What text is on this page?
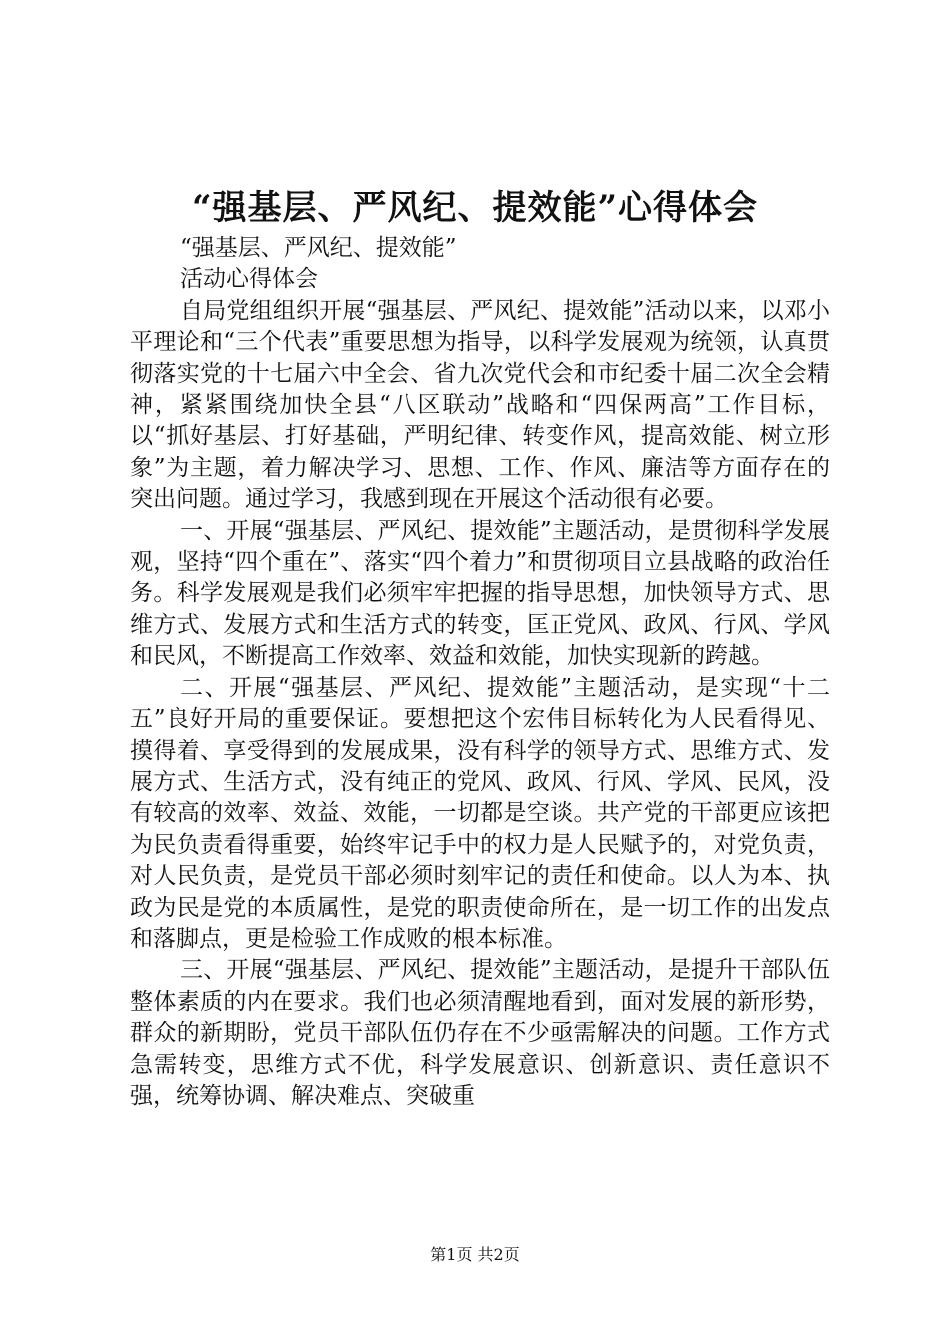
“强基层、严风纪、提效能”心得体会

“强基层、严风纪、提效能”

活动心得体会

自局党组组织开展“强基层、严风纪、提效能”活动以来，以邓小平理论和“三个代表”重要思想为指导，以科学发展观为统领，认真贯彻落实党的十七届六中全会、省九次党代会和市纪委十届二次全会精神，紧紧围绕加快全县“八区联动”战略和“四保两高”工作目标，以“抓好基层、打好基础，严明纪律、转变作风，提高效能、树立形象”为主题，着力解决学习、思想、工作、作风、廉洁等方面存在的突出问题。通过学习，我感到现在开展这个活动很有必要。

一、开展“强基层、严风纪、提效能”主题活动，是贯彻科学发展观，坚持“四个重在”、落实“四个着力”和贯彻项目立县战略的政治任务。科学发展观是我们必须牢牢把握的指导思想，加快领导方式、思维方式、发展方式和生活方式的转变，匡正党风、政风、行风、学风和民风，不断提高工作效率、效益和效能，加快实现新的跨越。

二、开展“强基层、严风纪、提效能”主题活动，是实现“十二五”良好开局的重要保证。要想把这个宏伟目标转化为人民看得见、摸得着、享受得到的发展成果，没有科学的领导方式、思维方式、发展方式、生活方式，没有纯正的党风、政风、行风、学风、民风，没有较高的效率、效益、效能，一切都是空谈。共产党的干部更应该把为民负责看得重要，始终牢记手中的权力是人民赋予的，对党负责，对人民负责，是党员干部必须时刻牢记的责任和使命。以人为本、执政为民是党的本质属性，是党的职责使命所在，是一切工作的出发点和落脚点，更是检验工作成败的根本标准。

三、开展“强基层、严风纪、提效能”主题活动，是提升干部队伍整体素质的内在要求。我们也必须清醒地看到，面对发展的新形势，群众的新期盼，党员干部队伍仍存在不少亟需解决的问题。工作方式急需转变，思维方式不优，科学发展意识、创新意识、责任意识不强，统筹协调、解决难点、突破重

第1页 共2页
